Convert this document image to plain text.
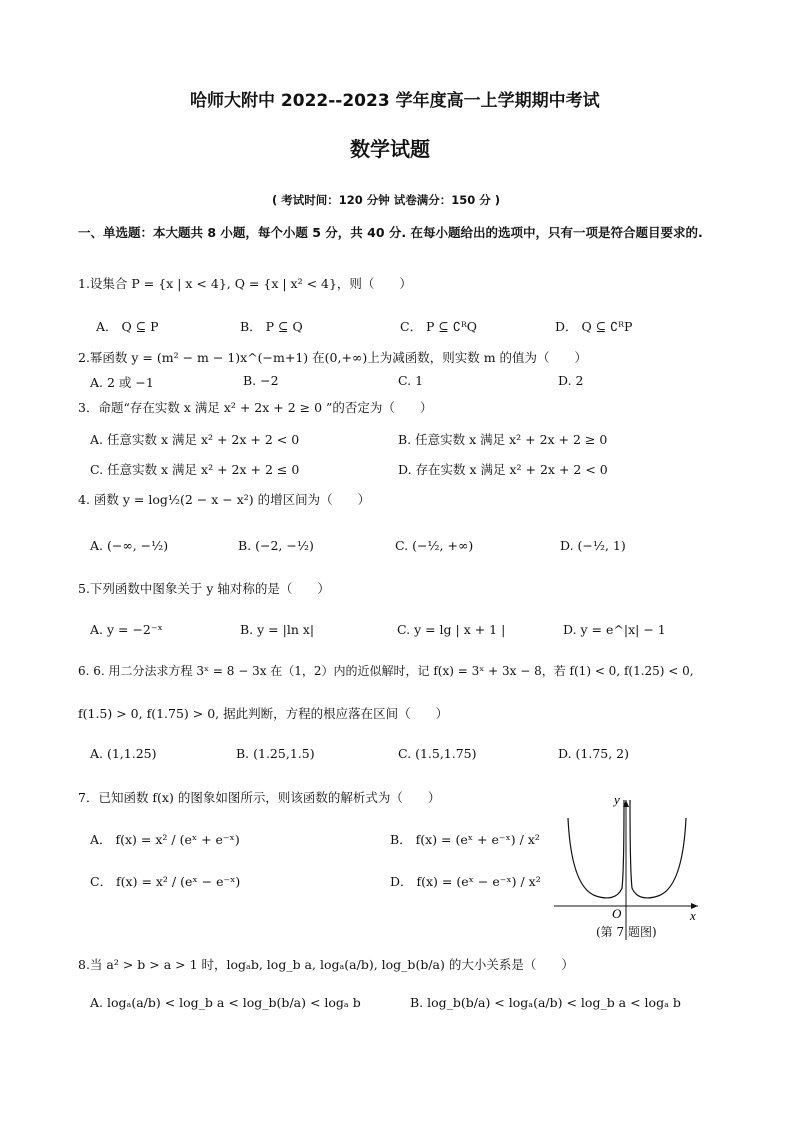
哈师大附中 2022--2023 学年度高一上学期期中考试
数学试题
( 考试时间：120 分钟 试卷满分：150 分 )
一、单选题：本大题共 8 小题，每个小题 5 分，共 40 分. 在每小题给出的选项中，只有一项是符合题目要求的.
1.设集合 P = {x | x < 4}, Q = {x | x² < 4}，则（　　）
A． Q ⊆ P	B． P ⊆ Q	C． P ⊆ ∁ᴿQ	D． Q ⊆ ∁ᴿP
2.幂函数 y = (m² − m − 1)x^(−m+1) 在(0,+∞)上为减函数，则实数 m 的值为（　　）
A. 2 或 −1	B. −2	C. 1	D. 2
3．命题“存在实数 x 满足 x² + 2x + 2 ≥ 0 ”的否定为（　　）
A. 任意实数 x 满足 x² + 2x + 2 < 0	B. 任意实数 x 满足 x² + 2x + 2 ≥ 0
C. 任意实数 x 满足 x² + 2x + 2 ≤ 0	D. 存在实数 x 满足 x² + 2x + 2 < 0
4. 函数 y = log½(2 − x − x²) 的增区间为（　　）
A. (−∞, −½)	B. (−2, −½)	C. (−½, +∞)	D. (−½, 1)
5.下列函数中图象关于 y 轴对称的是（　　）
A. y = −2⁻ˣ	B. y = |ln x|	C. y = lg | x + 1 |	D. y = e^|x| − 1
6. 6. 用二分法求方程 3ˣ = 8 − 3x 在（1，2）内的近似解时，记 f(x) = 3ˣ + 3x − 8，若 f(1) < 0, f(1.25) < 0,
f(1.5) > 0, f(1.75) > 0, 据此判断，方程的根应落在区间（　　）
A. (1,1.25)	B. (1.25,1.5)	C. (1.5,1.75)	D. (1.75, 2)
7．已知函数 f(x) 的图象如图所示，则该函数的解析式为（　　）
A． f(x) = x² / (eˣ + e⁻ˣ)	B． f(x) = (eˣ + e⁻ˣ) / x²
C． f(x) = x² / (eˣ − e⁻ˣ)	D． f(x) = (eˣ − e⁻ˣ) / x²
y
x
O
(第 7 题图)
8.当 a² > b > a > 1 时，logₐb, log_b a, logₐ(a/b), log_b(b/a) 的大小关系是（　　）
A. logₐ(a/b) < log_b a < log_b(b/a) < logₐ b	B. log_b(b/a) < logₐ(a/b) < log_b a < logₐ b
